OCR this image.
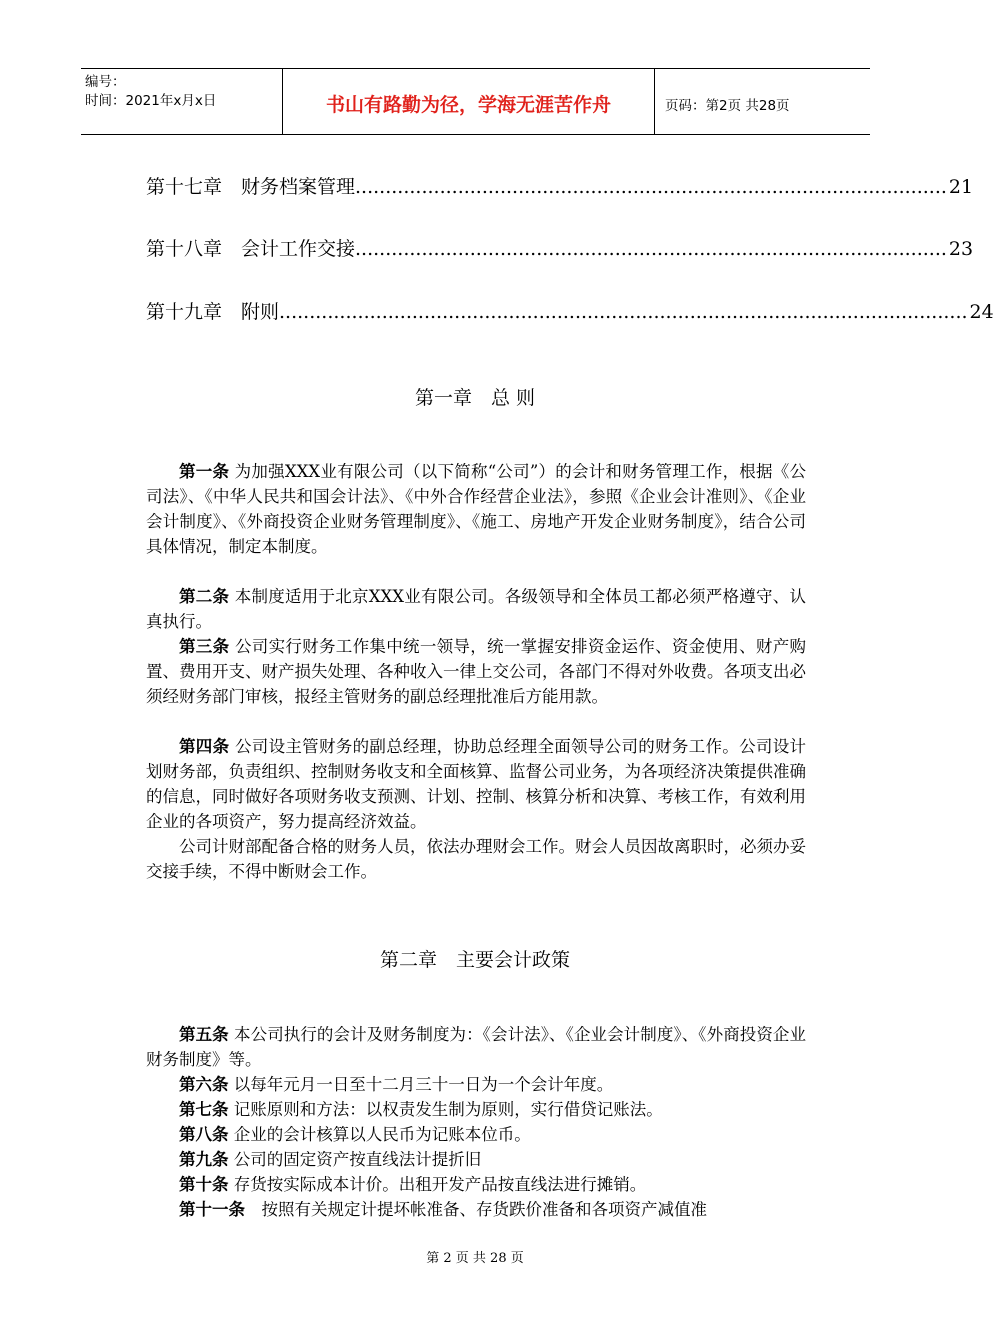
编号：
时间：2021年x月x日	书山有路勤为径，学海无涯苦作舟	页码：第2页 共28页
第十七章　财务档案管理 .................................................................................................. 21
第十八章　会计工作交接 .................................................................................................. 23
第十九章　附则 .................................................................................................................. 24
第一章　总 则
第一条 为加强XXX业有限公司（以下简称“公司”）的会计和财务管理工作，根据《公司法》、《中华人民共和国会计法》、《中外合作经营企业法》，参照《企业会计准则》、《企业会计制度》、《外商投资企业财务管理制度》、《施工、房地产开发企业财务制度》，结合公司具体情况，制定本制度。
第二条 本制度适用于北京XXX业有限公司。各级领导和全体员工都必须严格遵守、认真执行。
第三条 公司实行财务工作集中统一领导，统一掌握安排资金运作、资金使用、财产购置、费用开支、财产损失处理、各种收入一律上交公司，各部门不得对外收费。各项支出必须经财务部门审核，报经主管财务的副总经理批准后方能用款。
第四条 公司设主管财务的副总经理，协助总经理全面领导公司的财务工作。公司设计划财务部，负责组织、控制财务收支和全面核算、监督公司业务，为各项经济决策提供准确的信息，同时做好各项财务收支预测、计划、控制、核算分析和决算、考核工作，有效利用企业的各项资产，努力提高经济效益。
公司计财部配备合格的财务人员，依法办理财会工作。财会人员因故离职时，必须办妥交接手续，不得中断财会工作。
第二章　主要会计政策
第五条 本公司执行的会计及财务制度为：《会计法》、《企业会计制度》、《外商投资企业财务制度》等。
第六条 以每年元月一日至十二月三十一日为一个会计年度。
第七条 记账原则和方法：以权责发生制为原则，实行借贷记账法。
第八条 企业的会计核算以人民币为记账本位币。
第九条 公司的固定资产按直线法计提折旧
第十条 存货按实际成本计价。出租开发产品按直线法进行摊销。
第十一条　按照有关规定计提坏帐准备、存货跌价准备和各项资产减值准
第 2 页 共 28 页
